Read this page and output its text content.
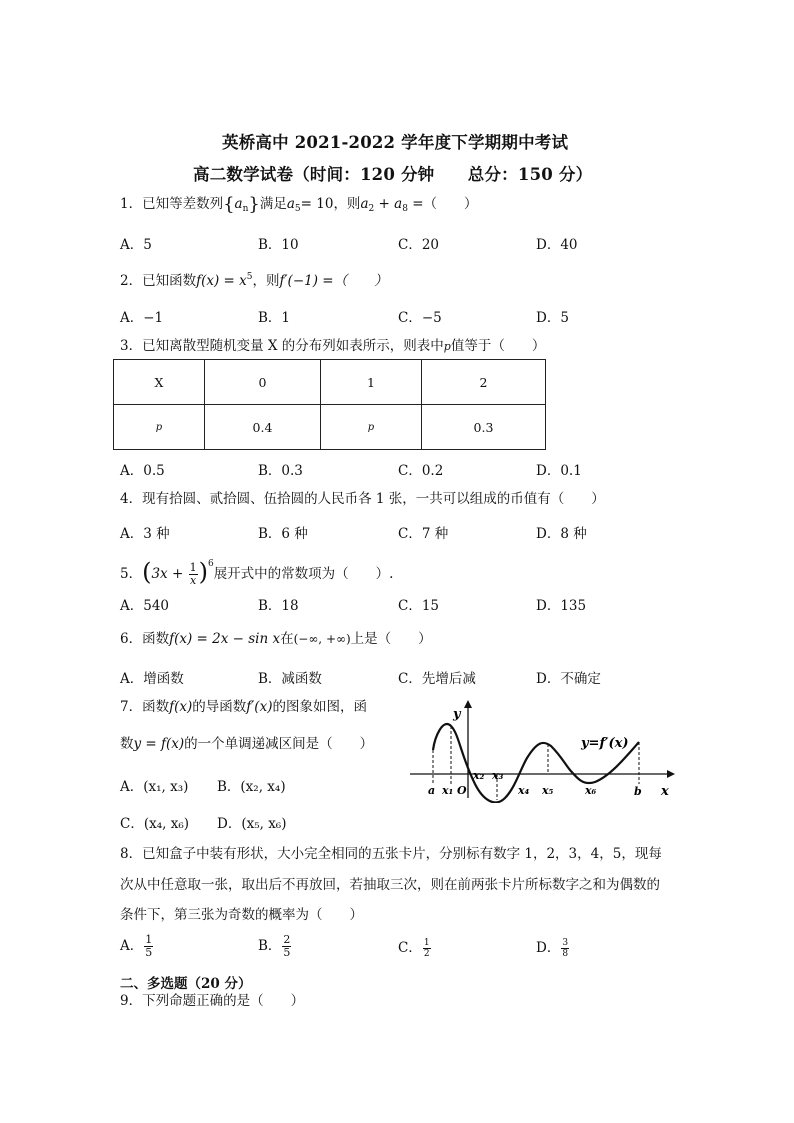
英桥高中 2021-2022 学年度下学期期中考试
高二数学试卷（时间：120 分钟　　总分：150 分）
1．已知等差数列$\{a_n\}$满足$a_5= 10$，则$a_2 + a_8$ =（　　）
A．5	B．10	C．20	D．40
2．已知函数$f(x) = x^5$，则f′(−1) =（　　）
A．−1	B．1	C．−5	D．5
3．已知离散型随机变量 X 的分布列如表所示，则表中p值等于（　　）
X	0	1	2
p	0.4	p	0.3
A．0.5	B．0.3	C．0.2	D．0.1
4．现有拾圆、贰拾圆、伍拾圆的人民币各 1 张，一共可以组成的币值有（　　）
A．3 种	B．6 种	C．7 种	D．8 种
5．$(3x + \frac{1}{x} )^6$展开式中的常数项为（　　）.
A．540	B．18	C．15	D．135
6．函数f(x) = 2x − sin x在(−∞, +∞)上是（　　）
A．增函数	B．减函数	C．先增后减	D．不确定
7．函数f(x)的导函数f′(x)的图象如图，函
数y = f(x)的一个单调递减区间是（　　）
A．(x₁, x₃) B．(x₂, x₄)
C．(x₄, x₆) D．(x₅, x₆)
y
x
y=f′(x)
a x₁ O
x₂ x₃
x₄ x₅	x₆	b
8．已知盒子中装有形状，大小完全相同的五张卡片，分别标有数字 1，2，3，4，5，现每
次从中任意取一张，取出后不再放回，若抽取三次，则在前两张卡片所标数字之和为偶数的
条件下，第三张为奇数的概率为（　　）
A． $\frac{1}{5}$	B． $\frac{2}{5}$	C． $\frac{1}{2}$	D． $\frac{3}{8}$
二、多选题（20 分）
9．下列命题正确的是（　　）
